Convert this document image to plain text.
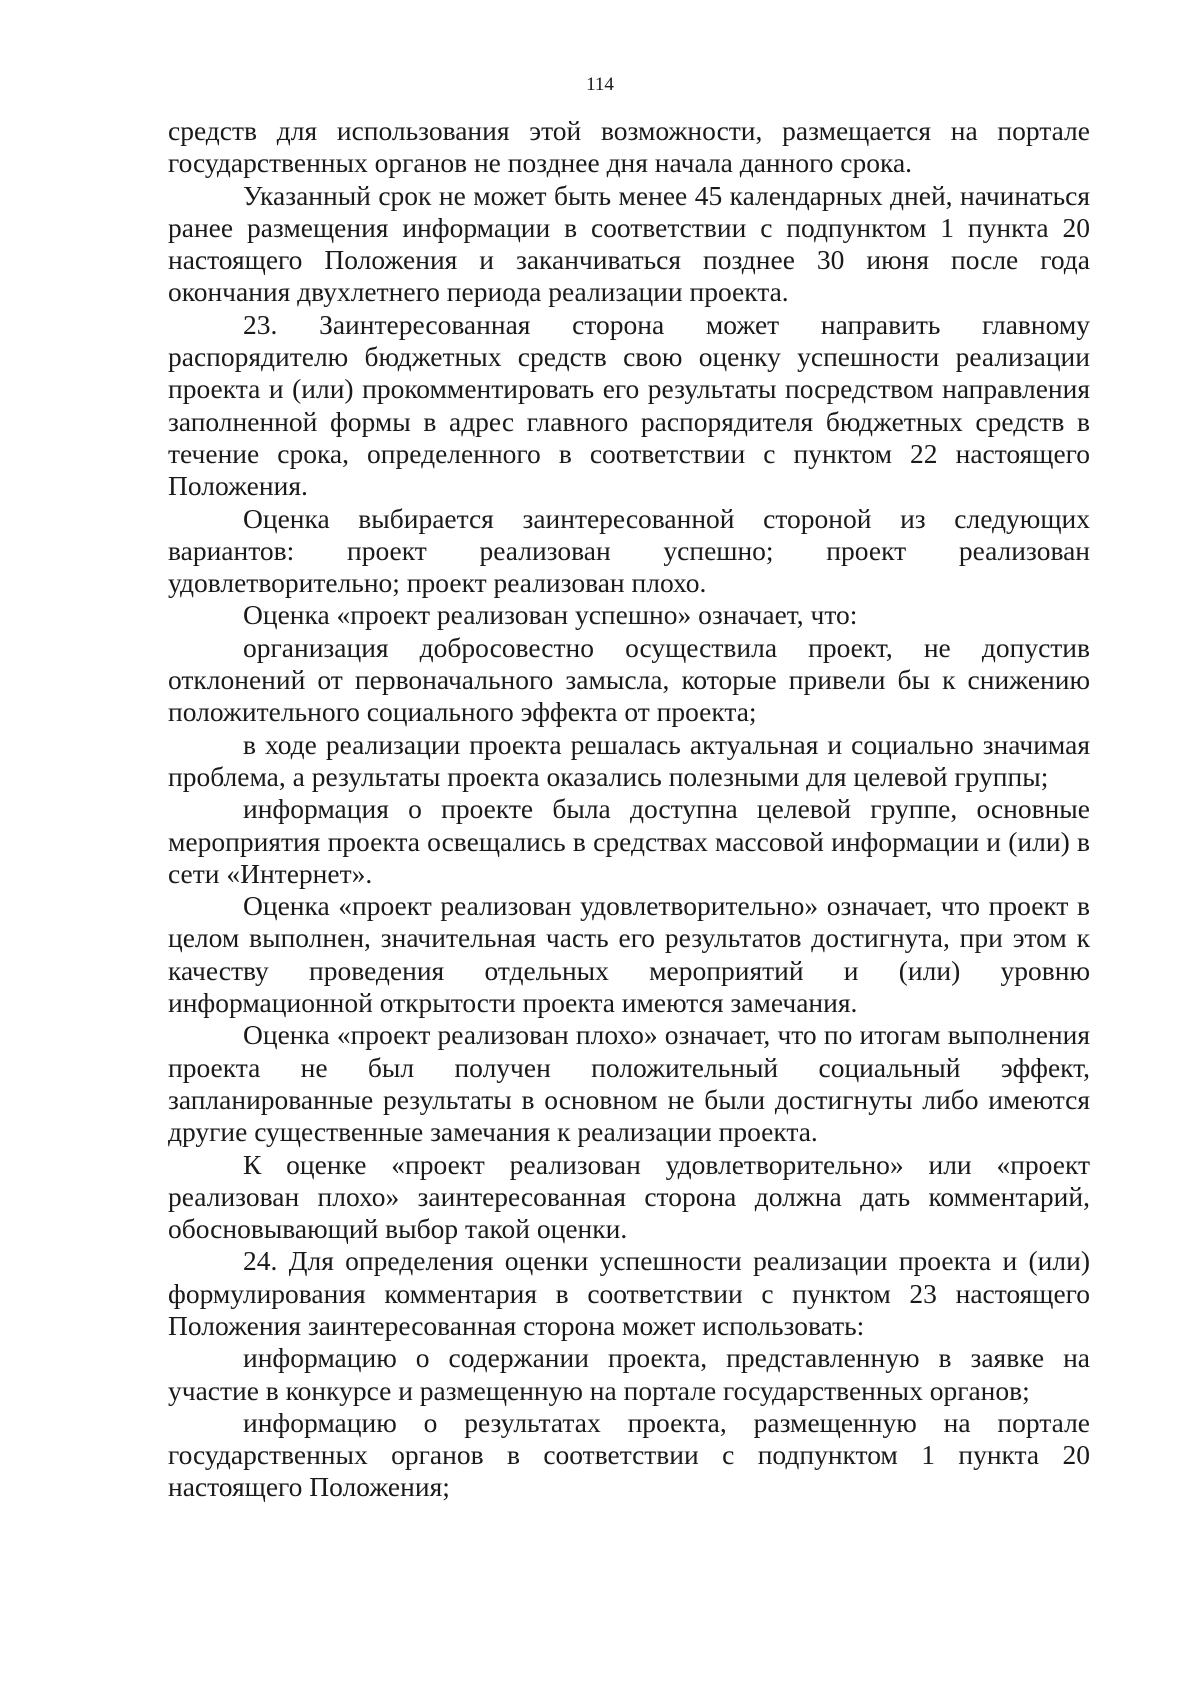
114

средств для использования этой возможности, размещается на портале государственных органов не позднее дня начала данного срока.

Указанный срок не может быть менее 45 календарных дней, начинаться ранее размещения информации в соответствии с подпунктом 1 пункта 20 настоящего Положения и заканчиваться позднее 30 июня после года окончания двухлетнего периода реализации проекта.

23. Заинтересованная сторона может направить главному распорядителю бюджетных средств свою оценку успешности реализации проекта и (или) прокомментировать его результаты посредством направления заполненной формы в адрес главного распорядителя бюджетных средств в течение срока, определенного в соответствии с пунктом 22 настоящего Положения.

Оценка выбирается заинтересованной стороной из следующих вариантов: проект реализован успешно; проект реализован удовлетворительно; проект реализован плохо.

Оценка «проект реализован успешно» означает, что:

организация добросовестно осуществила проект, не допустив отклонений от первоначального замысла, которые привели бы к снижению положительного социального эффекта от проекта;

в ходе реализации проекта решалась актуальная и социально значимая проблема, а результаты проекта оказались полезными для целевой группы;

информация о проекте была доступна целевой группе, основные мероприятия проекта освещались в средствах массовой информации и (или) в сети «Интернет».

Оценка «проект реализован удовлетворительно» означает, что проект в целом выполнен, значительная часть его результатов достигнута, при этом к качеству проведения отдельных мероприятий и (или) уровню информационной открытости проекта имеются замечания.

Оценка «проект реализован плохо» означает, что по итогам выполнения проекта не был получен положительный социальный эффект, запланированные результаты в основном не были достигнуты либо имеются другие существенные замечания к реализации проекта.

К оценке «проект реализован удовлетворительно» или «проект реализован плохо» заинтересованная сторона должна дать комментарий, обосновывающий выбор такой оценки.

24. Для определения оценки успешности реализации проекта и (или) формулирования комментария в соответствии с пунктом 23 настоящего Положения заинтересованная сторона может использовать:

информацию о содержании проекта, представленную в заявке на участие в конкурсе и размещенную на портале государственных органов;

информацию о результатах проекта, размещенную на портале государственных органов в соответствии с подпунктом 1 пункта 20 настоящего Положения;
